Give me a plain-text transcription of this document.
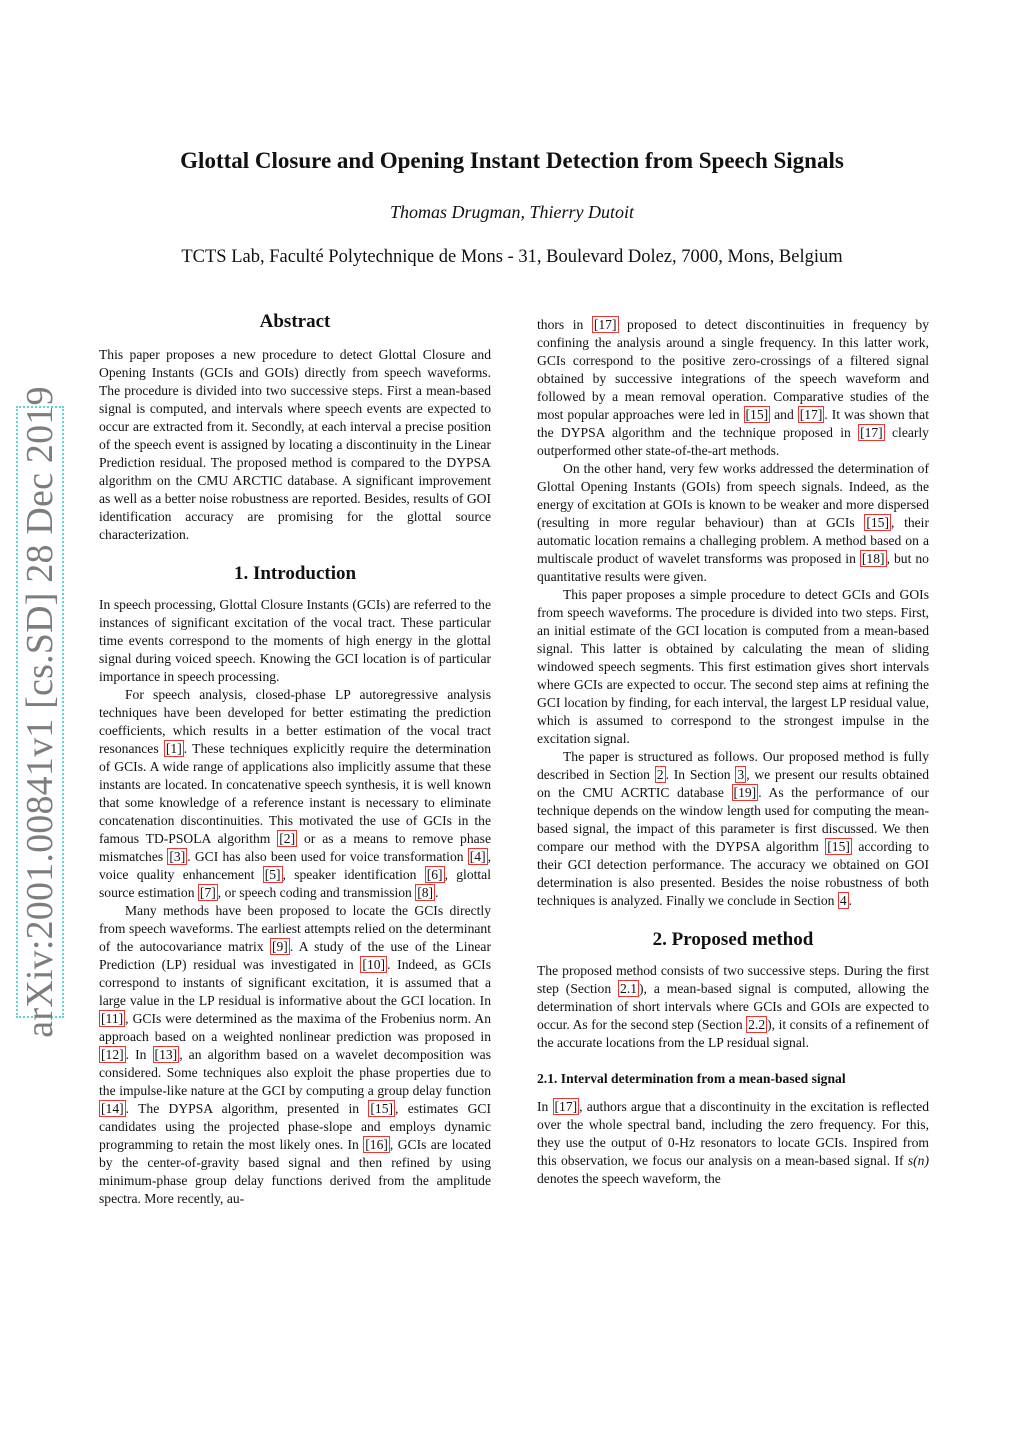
arXiv:2001.00841v1 [cs.SD] 28 Dec 2019
Glottal Closure and Opening Instant Detection from Speech Signals
Thomas Drugman, Thierry Dutoit
TCTS Lab, Faculté Polytechnique de Mons - 31, Boulevard Dolez, 7000, Mons, Belgium
Abstract

This paper proposes a new procedure to detect Glottal Closure and Opening Instants (GCIs and GOIs) directly from speech waveforms. The procedure is divided into two successive steps. First a mean-based signal is computed, and intervals where speech events are expected to occur are extracted from it. Secondly, at each interval a precise position of the speech event is assigned by locating a discontinuity in the Linear Prediction residual. The proposed method is compared to the DYPSA algorithm on the CMU ARCTIC database. A significant improvement as well as a better noise robustness are reported. Besides, results of GOI identification accuracy are promising for the glottal source characterization.

1. Introduction

In speech processing, Glottal Closure Instants (GCIs) are referred to the instances of significant excitation of the vocal tract. These particular time events correspond to the moments of high energy in the glottal signal during voiced speech. Knowing the GCI location is of particular importance in speech processing.

For speech analysis, closed-phase LP autoregressive analysis techniques have been developed for better estimating the prediction coefficients, which results in a better estimation of the vocal tract resonances [1] . These techniques explicitly require the determination of GCIs. A wide range of applications also implicitly assume that these instants are located. In concatenative speech synthesis, it is well known that some knowledge of a reference instant is necessary to eliminate concatenation discontinuities. This motivated the use of GCIs in the famous TD-PSOLA algorithm [2] or as a means to remove phase mismatches [3] . GCI has also been used for voice transformation [4] , voice quality enhancement [5] , speaker identification [6] , glottal source estimation [7] , or speech coding and transmission [8] .

Many methods have been proposed to locate the GCIs directly from speech waveforms. The earliest attempts relied on the determinant of the autocovariance matrix [9] . A study of the use of the Linear Prediction (LP) residual was investigated in [10] . Indeed, as GCIs correspond to instants of significant excitation, it is assumed that a large value in the LP residual is informative about the GCI location. In [11] , GCIs were determined as the maxima of the Frobenius norm. An approach based on a weighted nonlinear prediction was proposed in [12] . In [13] , an algorithm based on a wavelet decomposition was considered. Some techniques also exploit the phase properties due to the impulse-like nature at the GCI by computing a group delay function [14] . The DYPSA algorithm, presented in [15] , estimates GCI candidates using the projected phase-slope and employs dynamic programming to retain the most likely ones. In [16] , GCIs are located by the center-of-gravity based signal and then refined by using minimum-phase group delay functions derived from the amplitude spectra. More recently, au-

thors in [17] proposed to detect discontinuities in frequency by confining the analysis around a single frequency. In this latter work, GCIs correspond to the positive zero-crossings of a filtered signal obtained by successive integrations of the speech waveform and followed by a mean removal operation. Comparative studies of the most popular approaches were led in [15] and [17] . It was shown that the DYPSA algorithm and the technique proposed in [17] clearly outperformed other state-of-the-art methods.

On the other hand, very few works addressed the determination of Glottal Opening Instants (GOIs) from speech signals. Indeed, as the energy of excitation at GOIs is known to be weaker and more dispersed (resulting in more regular behaviour) than at GCIs [15] , their automatic location remains a challeging problem. A method based on a multiscale product of wavelet transforms was proposed in [18] , but no quantitative results were given.

This paper proposes a simple procedure to detect GCIs and GOIs from speech waveforms. The procedure is divided into two steps. First, an initial estimate of the GCI location is computed from a mean-based signal. This latter is obtained by calculating the mean of sliding windowed speech segments. This first estimation gives short intervals where GCIs are expected to occur. The second step aims at refining the GCI location by finding, for each interval, the largest LP residual value, which is assumed to correspond to the strongest impulse in the excitation signal.

The paper is structured as follows. Our proposed method is fully described in Section 2 . In Section 3 , we present our results obtained on the CMU ACRTIC database [19] . As the performance of our technique depends on the window length used for computing the mean-based signal, the impact of this parameter is first discussed. We then compare our method with the DYPSA algorithm [15] according to their GCI detection performance. The accuracy we obtained on GOI determination is also presented. Besides the noise robustness of both techniques is analyzed. Finally we conclude in Section 4 .

2. Proposed method

The proposed method consists of two successive steps. During the first step (Section 2.1 ), a mean-based signal is computed, allowing the determination of short intervals where GCIs and GOIs are expected to occur. As for the second step (Section 2.2 ), it consits of a refinement of the accurate locations from the LP residual signal.

2.1. Interval determination from a mean-based signal

In [17] , authors argue that a discontinuity in the excitation is reflected over the whole spectral band, including the zero frequency. For this, they use the output of 0-Hz resonators to locate GCIs. Inspired from this observation, we focus our analysis on a mean-based signal. If s(n) denotes the speech waveform, the
